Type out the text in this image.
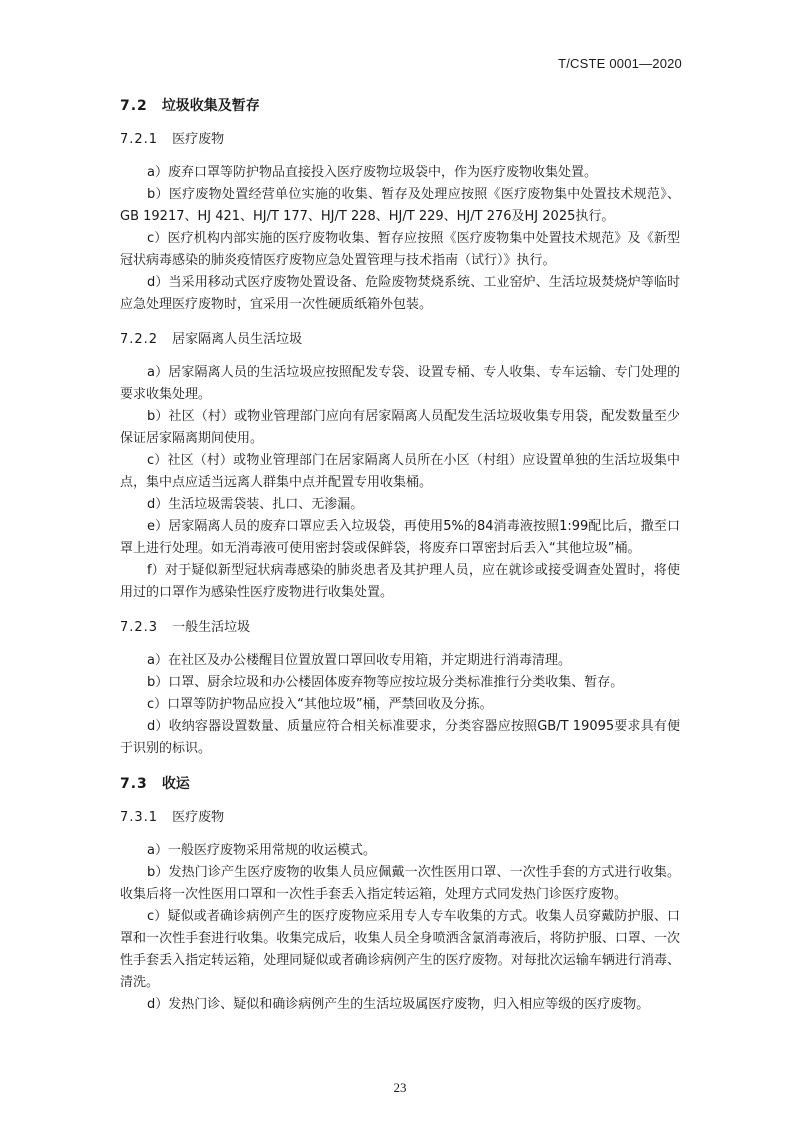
T/CSTE 0001—2020
7.2 垃圾收集及暂存
7.2.1 医疗废物

a）废弃口罩等防护物品直接投入医疗废物垃圾袋中，作为医疗废物收集处置。

b）医疗废物处置经营单位实施的收集、暂存及处理应按照《医疗废物集中处置技术规范》、GB 19217、HJ 421、HJ/T 177、HJ/T 228、HJ/T 229、HJ/T 276及HJ 2025执行。

c）医疗机构内部实施的医疗废物收集、暂存应按照《医疗废物集中处置技术规范》及《新型冠状病毒感染的肺炎疫情医疗废物应急处置管理与技术指南（试行）》执行。

d）当采用移动式医疗废物处置设备、危险废物焚烧系统、工业窑炉、生活垃圾焚烧炉等临时应急处理医疗废物时，宜采用一次性硬质纸箱外包装。

7.2.2 居家隔离人员生活垃圾

a）居家隔离人员的生活垃圾应按照配发专袋、设置专桶、专人收集、专车运输、专门处理的要求收集处理。

b）社区（村）或物业管理部门应向有居家隔离人员配发生活垃圾收集专用袋，配发数量至少保证居家隔离期间使用。

c）社区（村）或物业管理部门在居家隔离人员所在小区（村组）应设置单独的生活垃圾集中点，集中点应适当远离人群集中点并配置专用收集桶。

d）生活垃圾需袋装、扎口、无渗漏。

e）居家隔离人员的废弃口罩应丢入垃圾袋，再使用5%的84消毒液按照1:99配比后，撒至口罩上进行处理。如无消毒液可使用密封袋或保鲜袋，将废弃口罩密封后丢入“其他垃圾”桶。

f）对于疑似新型冠状病毒感染的肺炎患者及其护理人员，应在就诊或接受调查处置时，将使用过的口罩作为感染性医疗废物进行收集处置。

7.2.3 一般生活垃圾

a）在社区及办公楼醒目位置放置口罩回收专用箱，并定期进行消毒清理。

b）口罩、厨余垃圾和办公楼固体废弃物等应按垃圾分类标准推行分类收集、暂存。

c）口罩等防护物品应投入“其他垃圾”桶，严禁回收及分拣。

d）收纳容器设置数量、质量应符合相关标准要求，分类容器应按照GB/T 19095要求具有便于识别的标识。

7.3 收运
7.3.1 医疗废物

a）一般医疗废物采用常规的收运模式。

b）发热门诊产生医疗废物的收集人员应佩戴一次性医用口罩、一次性手套的方式进行收集。收集后将一次性医用口罩和一次性手套丢入指定转运箱，处理方式同发热门诊医疗废物。

c）疑似或者确诊病例产生的医疗废物应采用专人专车收集的方式。收集人员穿戴防护服、口罩和一次性手套进行收集。收集完成后，收集人员全身喷洒含氯消毒液后，将防护服、口罩、一次性手套丢入指定转运箱，处理同疑似或者确诊病例产生的医疗废物。对每批次运输车辆进行消毒、清洗。

d）发热门诊、疑似和确诊病例产生的生活垃圾属医疗废物，归入相应等级的医疗废物。

23
